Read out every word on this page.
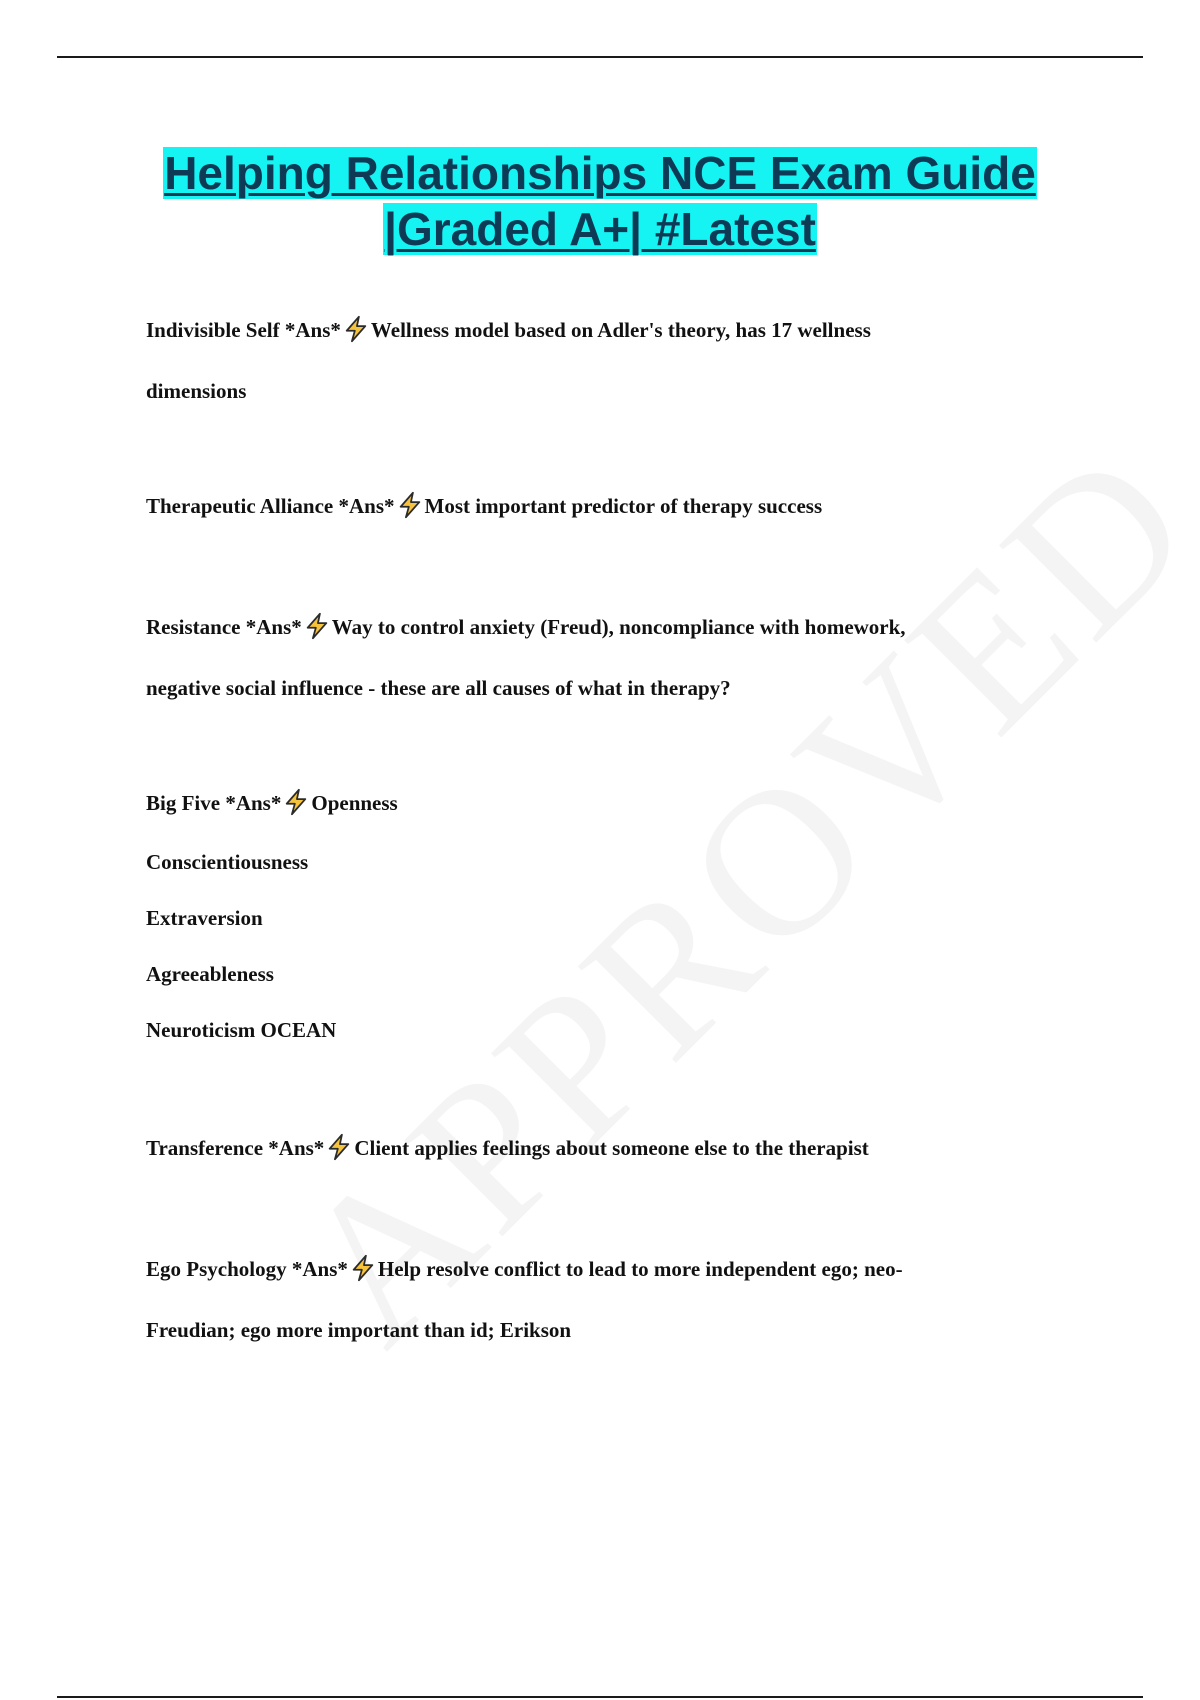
Helping Relationships NCE Exam Guide
|Graded A+| #Latest
Indivisible Self *Ans* Wellness model based on Adler's theory, has 17 wellness
dimensions
Therapeutic Alliance *Ans* Most important predictor of therapy success
Resistance *Ans* Way to control anxiety (Freud), noncompliance with homework,
negative social influence - these are all causes of what in therapy?
Big Five *Ans* Openness
Conscientiousness
Extraversion
Agreeableness
Neuroticism OCEAN
Transference *Ans* Client applies feelings about someone else to the therapist
Ego Psychology *Ans* Help resolve conflict to lead to more independent ego; neo-
Freudian; ego more important than id; Erikson
